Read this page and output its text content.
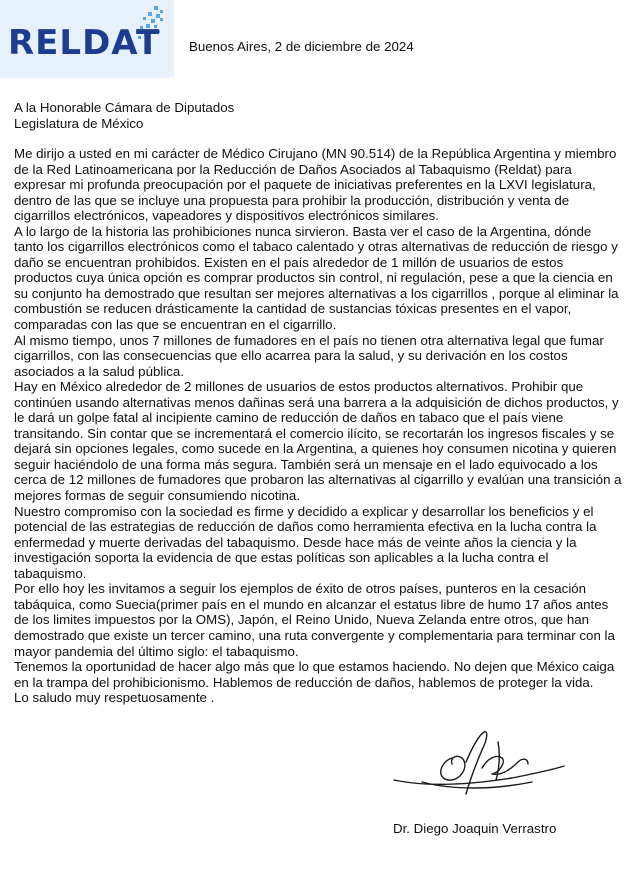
RELDAT Buenos Aires, 2 de diciembre de 2024
A la Honorable Cámara de Diputados
Legislatura de México

Me dirijo a usted en mi carácter de Médico Cirujano (MN 90.514) de la República Argentina y miembro de la Red Latinoamericana por la Reducción de Daños Asociados al Tabaquismo (Reldat) para expresar mi profunda preocupación por el paquete de iniciativas preferentes en la LXVI legislatura, dentro de las que se incluye una propuesta para prohibir la producción, distribución y venta de cigarrillos electrónicos, vapeadores y dispositivos electrónicos similares.

A lo largo de la historia las prohibiciones nunca sirvieron. Basta ver el caso de la Argentina, dónde tanto los cigarrillos electrónicos como el tabaco calentado y otras alternativas de reducción de riesgo y daño se encuentran prohibidos. Existen en el país alrededor de 1 millón de usuarios de estos productos cuya única opción es comprar productos sin control, ni regulación, pese a que la ciencia en su conjunto ha demostrado que resultan ser mejores alternativas a los cigarrillos , porque al eliminar la combustión se reducen drásticamente la cantidad de sustancias tóxicas presentes en el vapor, comparadas con las que se encuentran en el cigarrillo.

Al mismo tiempo, unos 7 millones de fumadores en el país no tienen otra alternativa legal que fumar cigarrillos, con las consecuencias que ello acarrea para la salud, y su derivación en los costos asociados a la salud pública.

Hay en México alrededor de 2 millones de usuarios de estos productos alternativos. Prohibir que continúen usando alternativas menos dañinas será una barrera a la adquisición de dichos productos, y le dará un golpe fatal al incipiente camino de reducción de daños en tabaco que el país viene transitando. Sin contar que se incrementará el comercio ilícito, se recortarán los ingresos fiscales y se dejará sin opciones legales, como sucede en la Argentina, a quienes hoy consumen nicotina y quieren seguir haciéndolo de una forma más segura. También será un mensaje en el lado equivocado a los cerca de 12 millones de fumadores que probaron las alternativas al cigarrillo y evalúan una transición a mejores formas de seguir consumiendo nicotina.

Nuestro compromiso con la sociedad es firme y decidido a explicar y desarrollar los beneficios y el potencial de las estrategias de reducción de daños como herramienta efectiva en la lucha contra la enfermedad y muerte derivadas del tabaquismo. Desde hace más de veinte años la ciencia y la investigación soporta la evidencia de que estas políticas son aplicables a la lucha contra el tabaquismo.

Por ello hoy les invitamos a seguir los ejemplos de éxito de otros países, punteros en la cesación tabáquica, como Suecia(primer país en el mundo en alcanzar el estatus libre de humo 17 años antes de los limites impuestos por la OMS), Japón, el Reino Unido, Nueva Zelanda entre otros, que han demostrado que existe un tercer camino, una ruta convergente y complementaria para terminar con la mayor pandemia del último siglo: el tabaquismo.

Tenemos la oportunidad de hacer algo más que lo que estamos haciendo. No dejen que México caiga en la trampa del prohibicionismo. Hablemos de reducción de daños, hablemos de proteger la vida.

Lo saludo muy respetuosamente .

Dr. Diego Joaquin Verrastro
